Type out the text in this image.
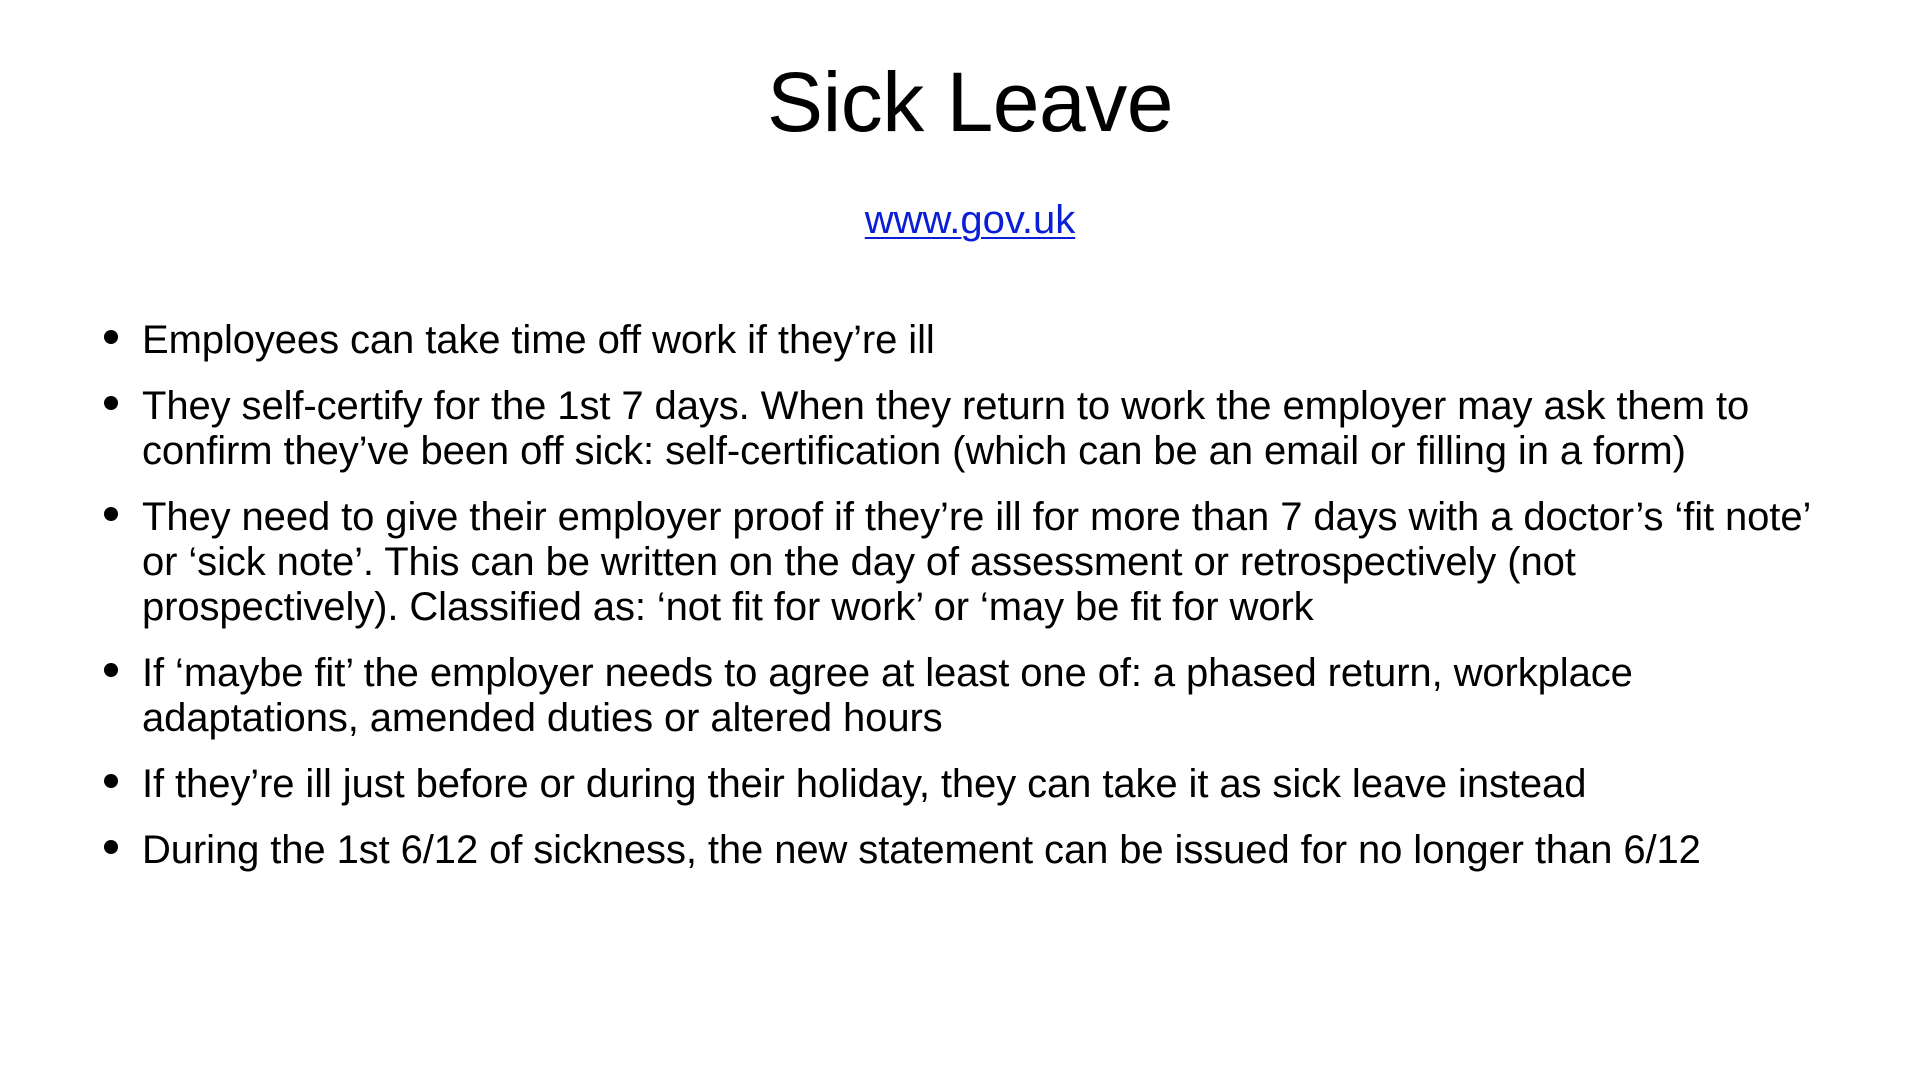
Sick Leave
www.gov.uk
Employees can take time off work if they’re ill
They self-certify for the 1st 7 days. When they return to work the employer may ask them to confirm they’ve been off sick: self-certification (which can be an email or filling in a form)
They need to give their employer proof if they’re ill for more than 7 days with a doctor’s ‘fit note’ or ‘sick note’. This can be written on the day of assessment or retrospectively (not prospectively). Classified as: ‘not fit for work’ or ‘may be fit for work
If ‘maybe fit’ the employer needs to agree at least one of: a phased return, workplace adaptations, amended duties or altered hours
If they’re ill just before or during their holiday, they can take it as sick leave instead
During the 1st 6/12 of sickness, the new statement can be issued for no longer than 6/12
